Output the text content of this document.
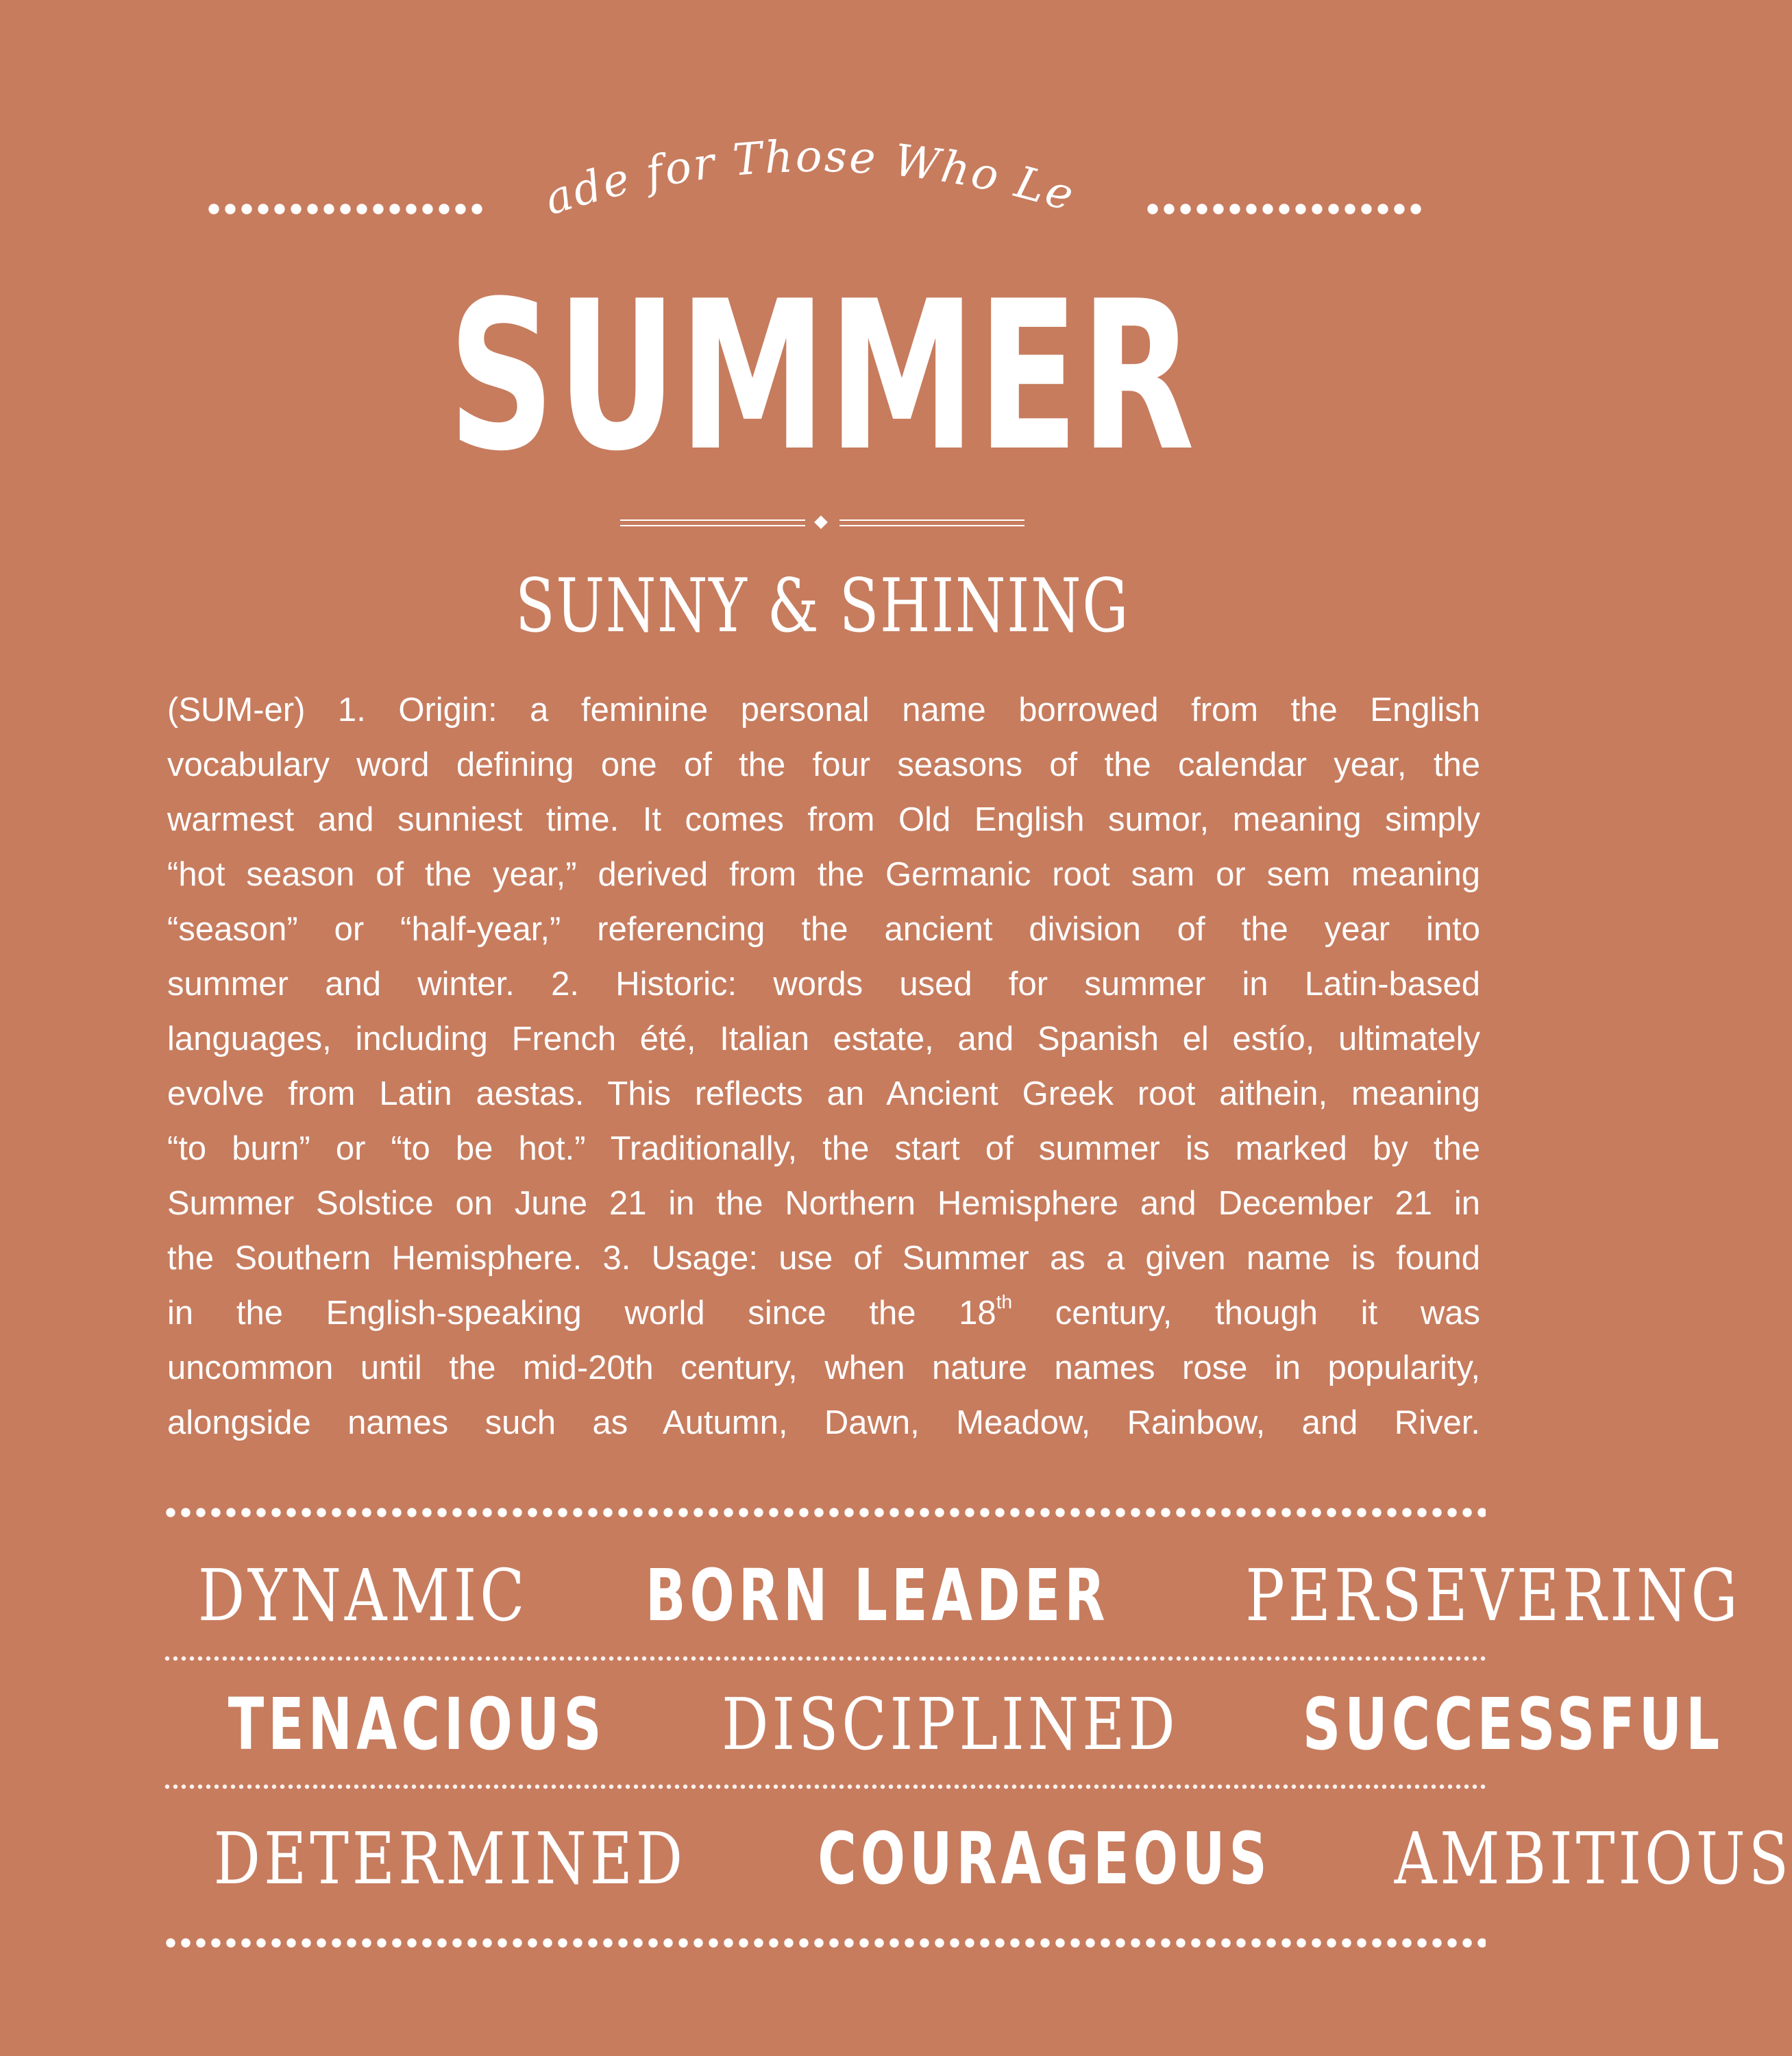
Made for Those Who Lead
SUMMER
SUNNY & SHINING
(SUM-er) 1. Origin: a feminine personal name borrowed from the English
vocabulary word defining one of the four seasons of the calendar year, the
warmest and sunniest time. It comes from Old English sumor, meaning simply
“hot season of the year,” derived from the Germanic root sam or sem meaning
“season” or “half-year,” referencing the ancient division of the year into
summer and winter. 2. Historic: words used for summer in Latin-based
languages, including French été, Italian estate, and Spanish el estío, ultimately
evolve from Latin aestas. This reflects an Ancient Greek root aithein, meaning
“to burn” or “to be hot.” Traditionally, the start of summer is marked by the
Summer Solstice on June 21 in the Northern Hemisphere and December 21 in
the Southern Hemisphere. 3. Usage: use of Summer as a given name is found
in the English-speaking world since the 18th century, though it was
uncommon until the mid-20th century, when nature names rose in popularity,
alongside names such as Autumn, Dawn, Meadow, Rainbow, and River.
DYNAMIC BORN LEADER PERSEVERING
TENACIOUS DISCIPLINED SUCCESSFUL
DETERMINED COURAGEOUS AMBITIOUS
